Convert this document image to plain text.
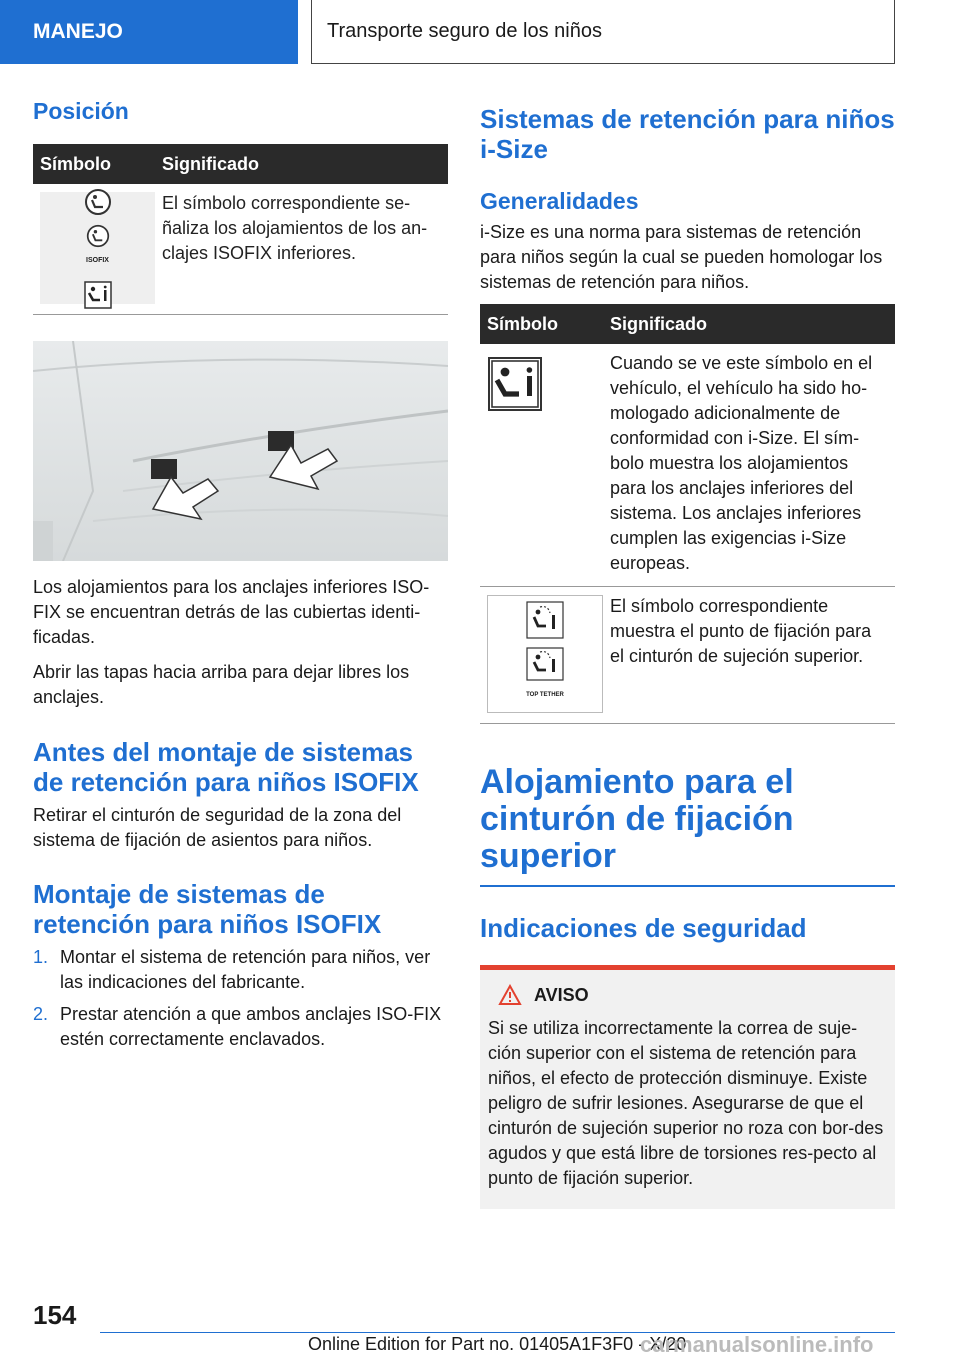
MANEJO	Transporte seguro de los niños
Posición
Símbolo	Significado

ISOFIX	El símbolo correspondiente se-ñaliza los alojamientos de los an-clajes ISOFIX inferiores.

Los alojamientos para los anclajes inferiores ISO-FIX se encuentran detrás de las cubiertas identi-ficadas.

Abrir las tapas hacia arriba para dejar libres los anclajes.

Antes del montaje de sistemas de retención para niños ISOFIX

Retirar el cinturón de seguridad de la zona del sistema de fijación de asientos para niños.

Montaje de sistemas de retención para niños ISOFIX
1. Montar el sistema de retención para niños, ver las indicaciones del fabricante.
2. Prestar atención a que ambos anclajes ISO-FIX estén correctamente enclavados.
Sistemas de retención para niños i-Size
Generalidades

i-Size es una norma para sistemas de retención para niños según la cual se pueden homologar los sistemas de retención para niños.

Símbolo	Significado

	Cuando se ve este símbolo en el vehículo, el vehículo ha sido ho-mologado adicionalmente de conformidad con i-Size. El sím-bolo muestra los alojamientos para los anclajes inferiores del sistema. Los anclajes inferiores cumplen las exigencias i-Size europeas.

TOP TETHER	El símbolo correspondiente muestra el punto de fijación para el cinturón de sujeción superior.
Alojamiento para el cinturón de fijación superior
Indicaciones de seguridad
AVISO

Si se utiliza incorrectamente la correa de suje-ción superior con el sistema de retención para niños, el efecto de protección disminuye. Existe peligro de sufrir lesiones. Asegurarse de que el cinturón de sujeción superior no roza con bor-des agudos y que está libre de torsiones res-pecto al punto de fijación superior.

154
Online Edition for Part no. 01405A1F3F0 - X/20
carmanualsonline.info
